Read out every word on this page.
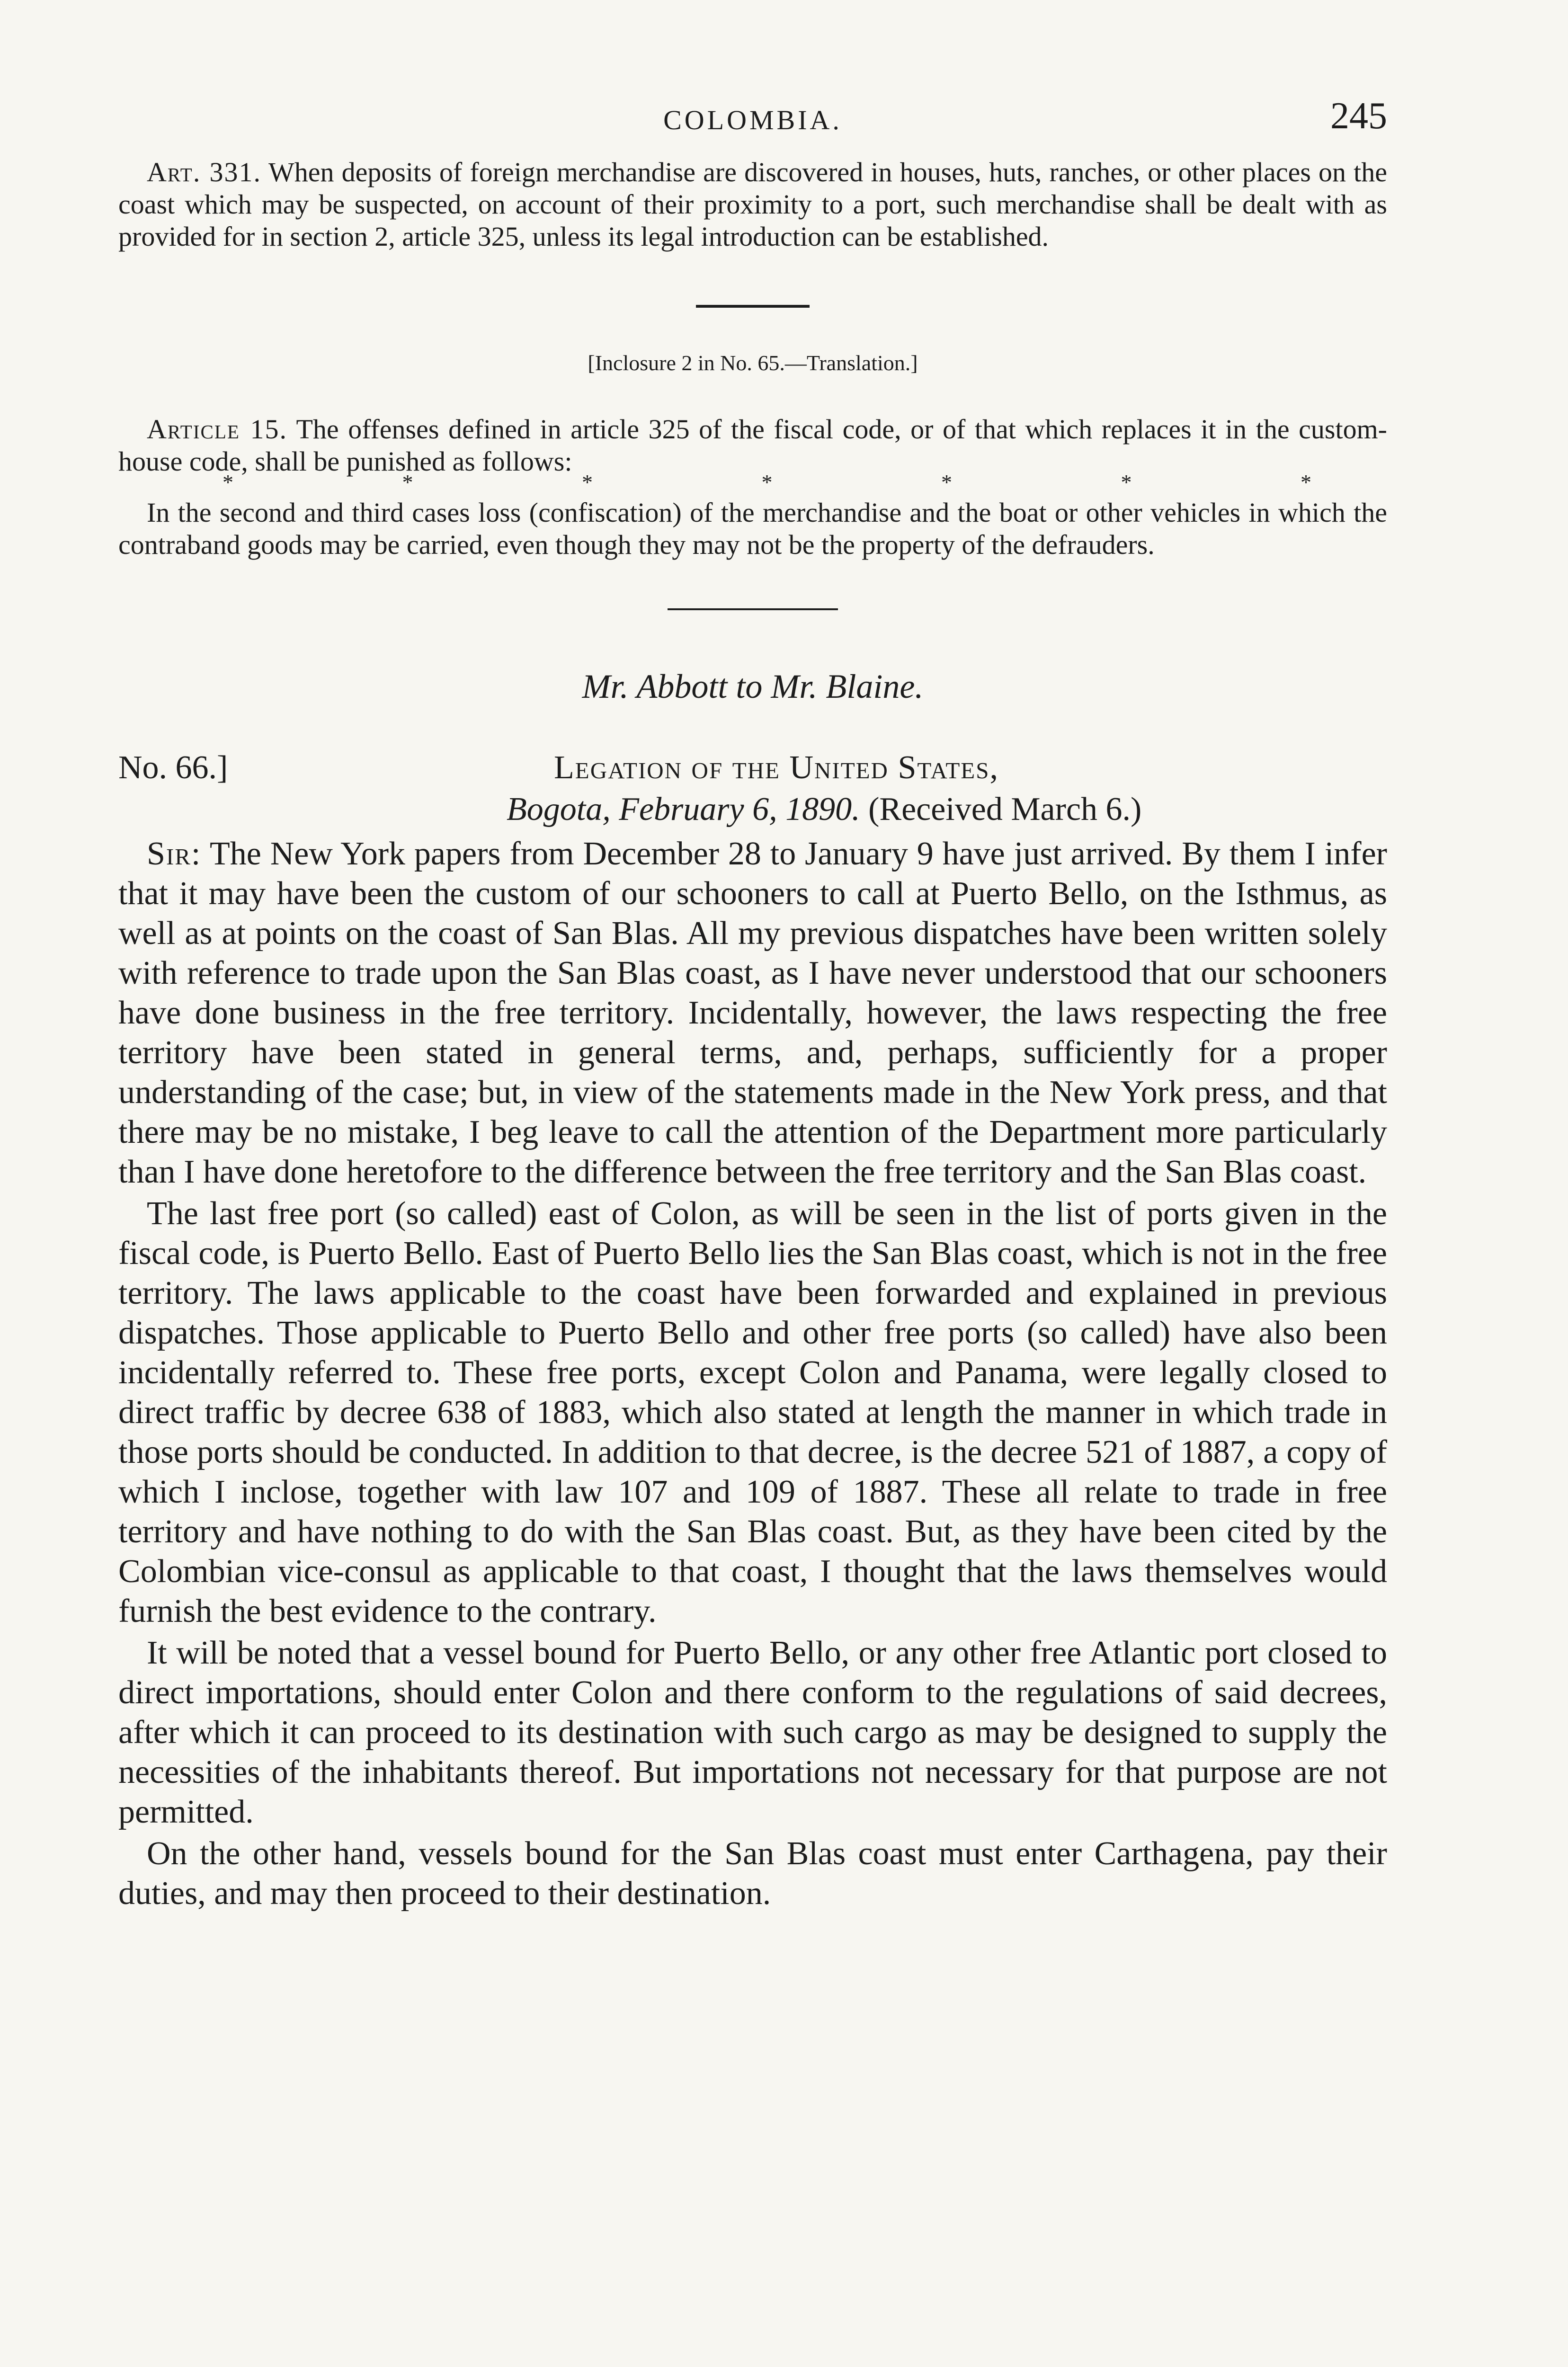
COLOMBIA.	245

Art. 331. When deposits of foreign merchandise are discovered in houses, huts, ranches, or other places on the coast which may be suspected, on account of their proximity to a port, such merchandise shall be dealt with as provided for in section 2, article 325, unless its legal introduction can be established.

[Inclosure 2 in No. 65.—Translation.]

Article 15. The offenses defined in article 325 of the fiscal code, or of that which replaces it in the custom-house code, shall be punished as follows:

*	*	*	*	*	*	*

In the second and third cases loss (confiscation) of the merchandise and the boat or other vehicles in which the contraband goods may be carried, even though they may not be the property of the defrauders.

Mr. Abbott to Mr. Blaine.

No. 66.]	Legation of the United States,
Bogota, February 6, 1890. (Received March 6.)

Sir: The New York papers from December 28 to January 9 have just arrived. By them I infer that it may have been the custom of our schooners to call at Puerto Bello, on the Isthmus, as well as at points on the coast of San Blas. All my previous dispatches have been written solely with reference to trade upon the San Blas coast, as I have never understood that our schooners have done business in the free territory. Incidentally, however, the laws respecting the free territory have been stated in general terms, and, perhaps, sufficiently for a proper understanding of the case; but, in view of the statements made in the New York press, and that there may be no mistake, I beg leave to call the attention of the Department more particularly than I have done heretofore to the difference between the free territory and the San Blas coast.

The last free port (so called) east of Colon, as will be seen in the list of ports given in the fiscal code, is Puerto Bello. East of Puerto Bello lies the San Blas coast, which is not in the free territory. The laws applicable to the coast have been forwarded and explained in previous dispatches. Those applicable to Puerto Bello and other free ports (so called) have also been incidentally referred to. These free ports, except Colon and Panama, were legally closed to direct traffic by decree 638 of 1883, which also stated at length the manner in which trade in those ports should be conducted. In addition to that decree, is the decree 521 of 1887, a copy of which I inclose, together with law 107 and 109 of 1887. These all relate to trade in free territory and have nothing to do with the San Blas coast. But, as they have been cited by the Colombian vice-consul as applicable to that coast, I thought that the laws themselves would furnish the best evidence to the contrary.

It will be noted that a vessel bound for Puerto Bello, or any other free Atlantic port closed to direct importations, should enter Colon and there conform to the regulations of said decrees, after which it can proceed to its destination with such cargo as may be designed to supply the necessities of the inhabitants thereof. But importations not necessary for that purpose are not permitted.

On the other hand, vessels bound for the San Blas coast must enter Carthagena, pay their duties, and may then proceed to their destination.
